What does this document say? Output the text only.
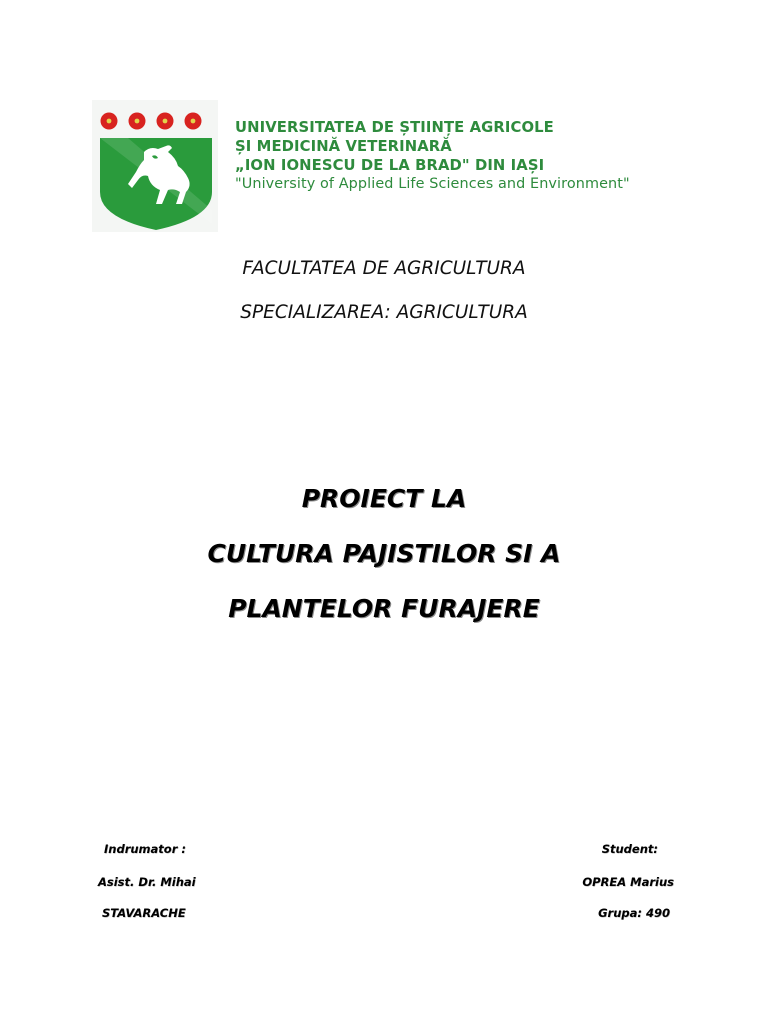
UNIVERSITATEA DE ȘTIINȚE AGRICOLE
ȘI MEDICINĂ VETERINARĂ
„ION IONESCU DE LA BRAD" DIN IAȘI
"University of Applied Life Sciences and Environment"
FACULTATEA DE AGRICULTURA
SPECIALIZAREA: AGRICULTURA
PROIECT LA
CULTURA PAJISTILOR SI A
PLANTELOR FURAJERE
Indrumator :
Asist. Dr. Mihai
STAVARACHE
Student:
OPREA Marius
Grupa: 490
